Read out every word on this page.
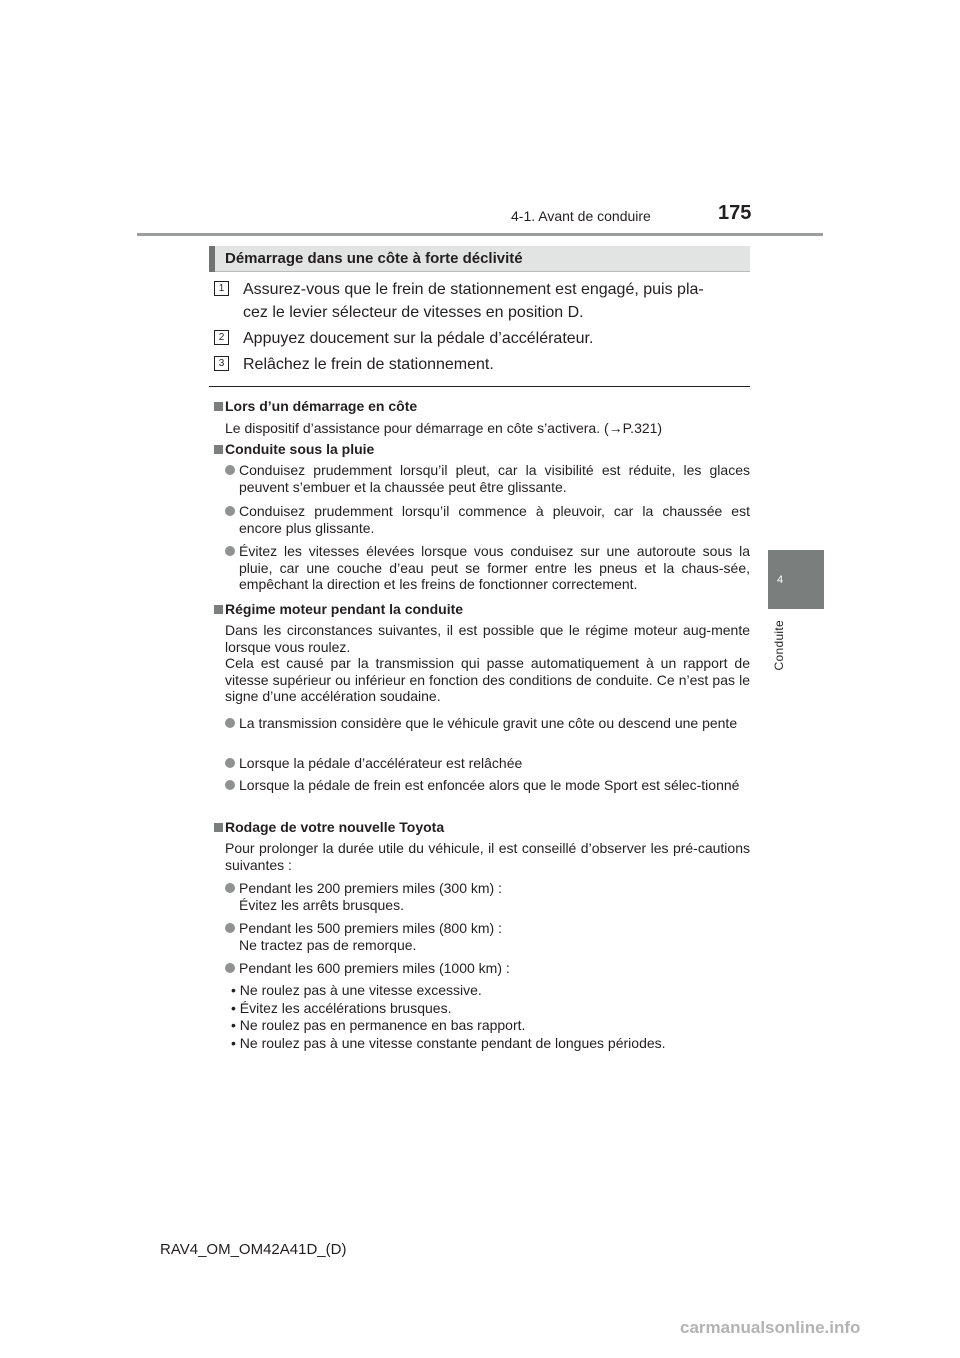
4-1. Avant de conduire	175
4
Conduite
Démarrage dans une côte à forte déclivité
1 Assurez-vous que le frein de stationnement est engagé, puis pla-
cez le levier sélecteur de vitesses en position D.
2 Appuyez doucement sur la pédale d’accélérateur.
3 Relâchez le frein de stationnement.
Lors d’un démarrage en côte
Le dispositif d’assistance pour démarrage en côte s’activera. (→P.321)
Conduite sous la pluie
Conduisez prudemment lorsqu’il pleut, car la visibilité est réduite, les glaces peuvent s’embuer et la chaussée peut être glissante.
Conduisez prudemment lorsqu’il commence à pleuvoir, car la chaussée est encore plus glissante.
Évitez les vitesses élevées lorsque vous conduisez sur une autoroute sous la pluie, car une couche d’eau peut se former entre les pneus et la chaus-sée, empêchant la direction et les freins de fonctionner correctement.
Régime moteur pendant la conduite
Dans les circonstances suivantes, il est possible que le régime moteur aug-mente lorsque vous roulez.
Cela est causé par la transmission qui passe automatiquement à un rapport de vitesse supérieur ou inférieur en fonction des conditions de conduite. Ce n’est pas le signe d’une accélération soudaine.
La transmission considère que le véhicule gravit une côte ou descend une pente
Lorsque la pédale d’accélérateur est relâchée
Lorsque la pédale de frein est enfoncée alors que le mode Sport est sélec-tionné
Rodage de votre nouvelle Toyota
Pour prolonger la durée utile du véhicule, il est conseillé d’observer les pré-cautions suivantes :
Pendant les 200 premiers miles (300 km) :
Évitez les arrêts brusques.
Pendant les 500 premiers miles (800 km) :
Ne tractez pas de remorque.
Pendant les 600 premiers miles (1000 km) :
• Ne roulez pas à une vitesse excessive.
• Évitez les accélérations brusques.
• Ne roulez pas en permanence en bas rapport.
• Ne roulez pas à une vitesse constante pendant de longues périodes.
RAV4_OM_OM42A41D_(D)
carmanualsonline.info
